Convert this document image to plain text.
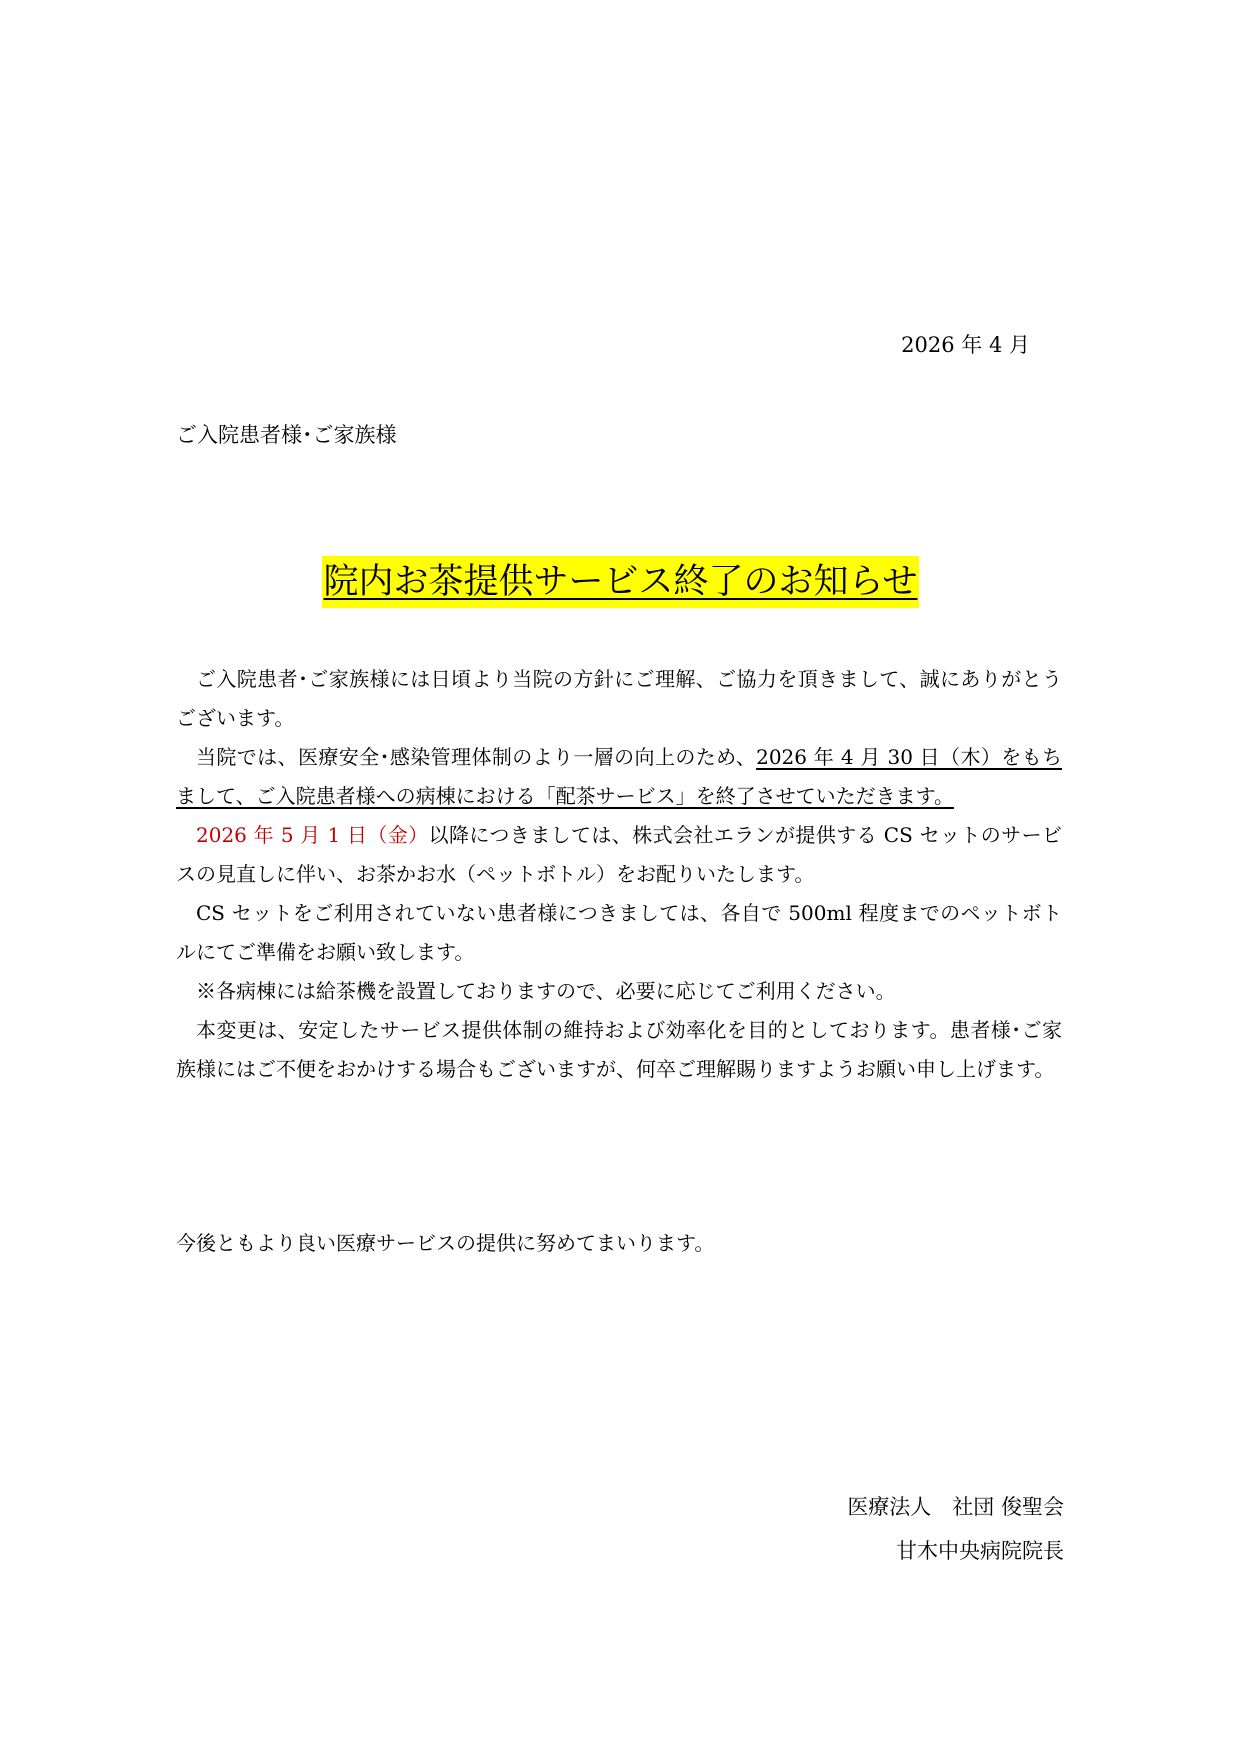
2026 年 4 月
ご入院患者様･ご家族様
院内お茶提供サービス終了のお知らせ

ご入院患者･ご家族様には日頃より当院の方針にご理解、ご協力を頂きまして、誠にありがとうございます。

当院では、医療安全･感染管理体制のより一層の向上のため、2026 年 4 月 30 日（木）をもちまして、ご入院患者様への病棟における「配茶サービス」を終了させていただきます。

2026 年 5 月 1 日（金）以降につきましては、株式会社エランが提供する CS セットのサービスの見直しに伴い、お茶かお水（ペットボトル）をお配りいたします。

CS セットをご利用されていない患者様につきましては、各自で 500ml 程度までのペットボトルにてご準備をお願い致します。

※各病棟には給茶機を設置しておりますので、必要に応じてご利用ください。

本変更は、安定したサービス提供体制の維持および効率化を目的としております。患者様･ご家族様にはご不便をおかけする場合もございますが、何卒ご理解賜りますようお願い申し上げます。

今後ともより良い医療サービスの提供に努めてまいります。
医療法人　社団 俊聖会
甘木中央病院院長
